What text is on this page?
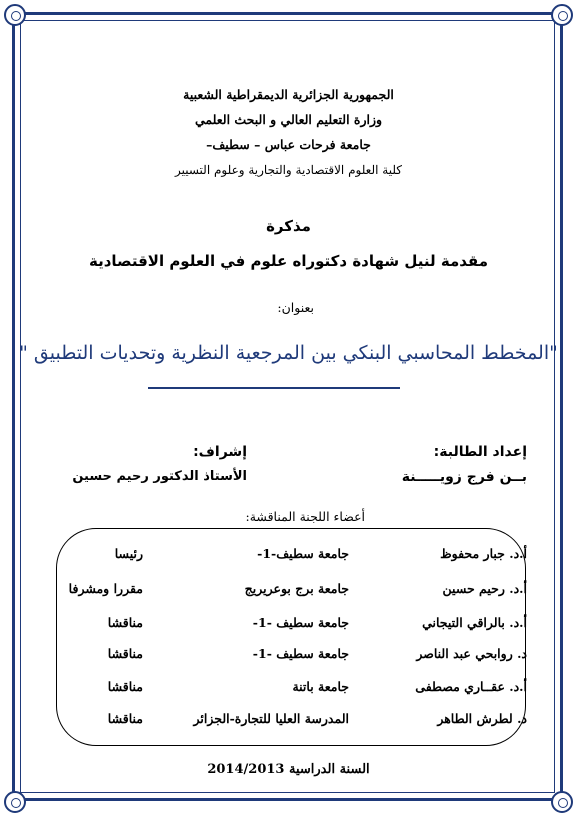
الجمهورية الجزائرية الديمقراطية الشعبية
وزارة التعليم العالي و البحث العلمي
جامعة فرحات عباس – سطيف–
كلية العلوم الاقتصادية والتجارية وعلوم التسيير
مذكرة
مقدمة لنيل شهادة دكتوراه علوم في العلوم الاقتصادية
بعنوان:
"المخطط المحاسبي البنكي بين المرجعية النظرية وتحديات التطبيق "
إعداد الطالبة:
بــن فرج زويـــــنة
إشراف:
الأستاذ الدكتور رحيم حسين
أعضاء اللجنة المناقشة:
أ.د. جبار محفوظ
جامعة سطيف-1-
رئيسا
أ.د. رحيم حسين
جامعة برج بوعريريج
مقررا ومشرفا
أ.د. بالراقي التيجاني
جامعة سطيف -1-
مناقشا
د. روابحي عبد الناصر
جامعة سطيف -1-
مناقشا
أ.د. عقــاري مصطفى
جامعة باتنة
مناقشا
د. لطرش الطاهر
المدرسة العليا للتجارة-الجزائر
مناقشا
السنة الدراسية 2014/2013
